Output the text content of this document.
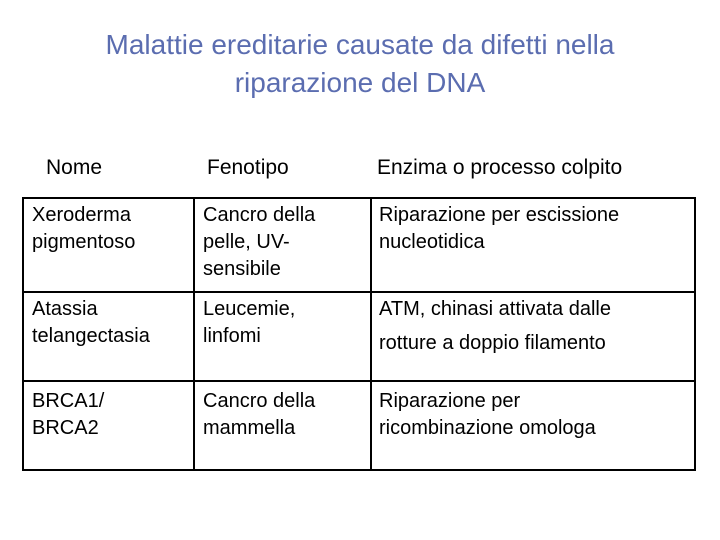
Malattie ereditarie causate da difetti nella
riparazione del DNA
Nome	Fenotipo	Enzima o processo colpito
Xeroderma
pigmentoso
Cancro della
pelle, UV-
sensibile
Riparazione per escissione
nucleotidica
Atassia
telangectasia
Leucemie,
linfomi
ATM, chinasi attivata dalle
rotture a doppio filamento
BRCA1/
BRCA2
Cancro della
mammella
Riparazione per
ricombinazione omologa
